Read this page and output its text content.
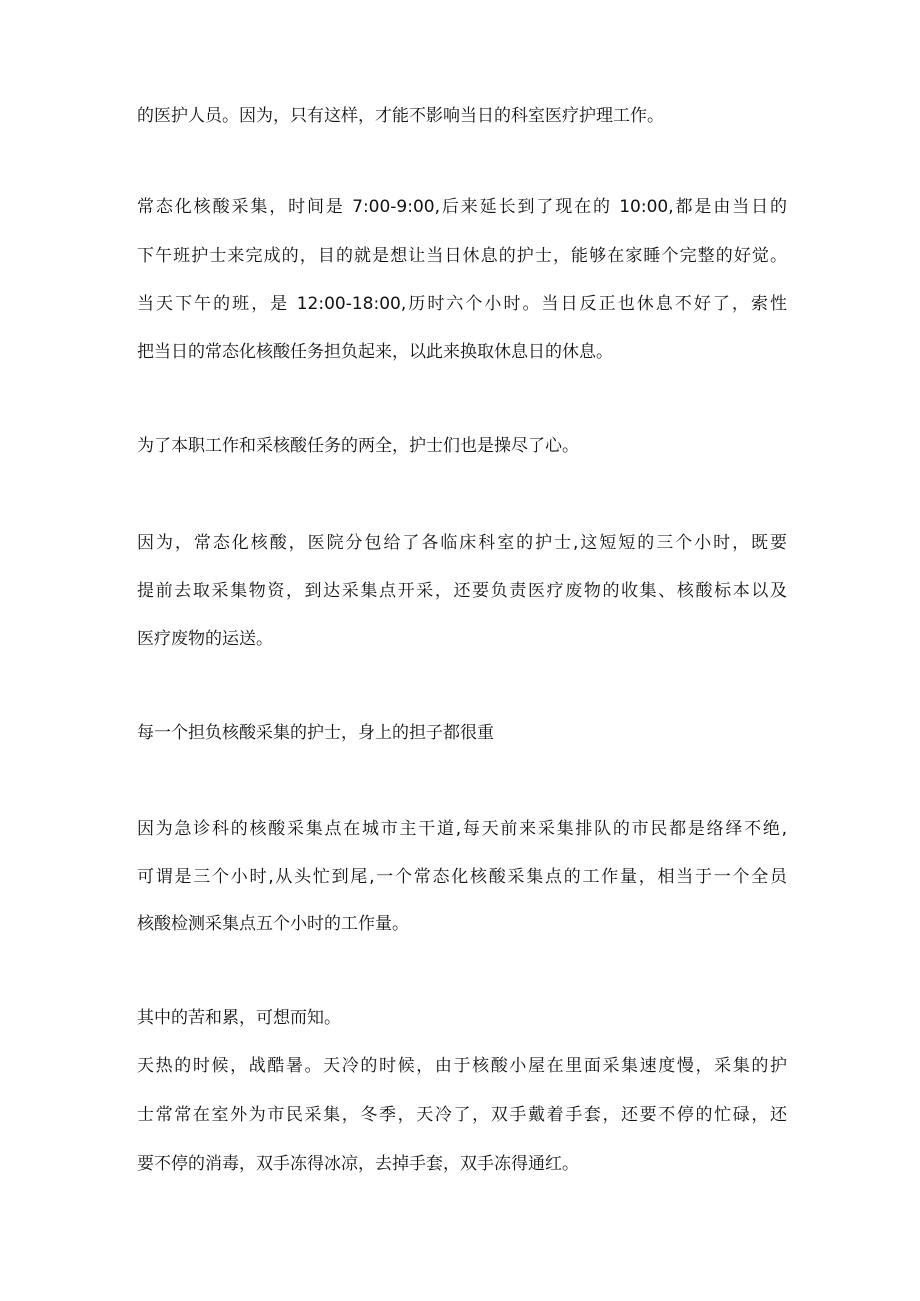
的医护人员。因为，只有这样，才能不影响当日的科室医疗护理工作。

常态化核酸采集，时间是 7:00-9:00,后来延长到了现在的 10:00,都是由当日的

下午班护士来完成的，目的就是想让当日休息的护士，能够在家睡个完整的好觉。

当天下午的班，是 12:00-18:00,历时六个小时。当日反正也休息不好了，索性

把当日的常态化核酸任务担负起来，以此来换取休息日的休息。

为了本职工作和采核酸任务的两全，护士们也是操尽了心。

因为，常态化核酸，医院分包给了各临床科室的护士,这短短的三个小时，既要

提前去取采集物资，到达采集点开采，还要负责医疗废物的收集、核酸标本以及

医疗废物的运送。

每一个担负核酸采集的护士，身上的担子都很重

因为急诊科的核酸采集点在城市主干道,每天前来采集排队的市民都是络绎不绝,

可谓是三个小时,从头忙到尾,一个常态化核酸采集点的工作量，相当于一个全员

核酸检测采集点五个小时的工作量。

其中的苦和累，可想而知。

天热的时候，战酷暑。天冷的时候，由于核酸小屋在里面采集速度慢，采集的护

士常常在室外为市民采集，冬季，天冷了，双手戴着手套，还要不停的忙碌，还

要不停的消毒，双手冻得冰凉，去掉手套，双手冻得通红。
